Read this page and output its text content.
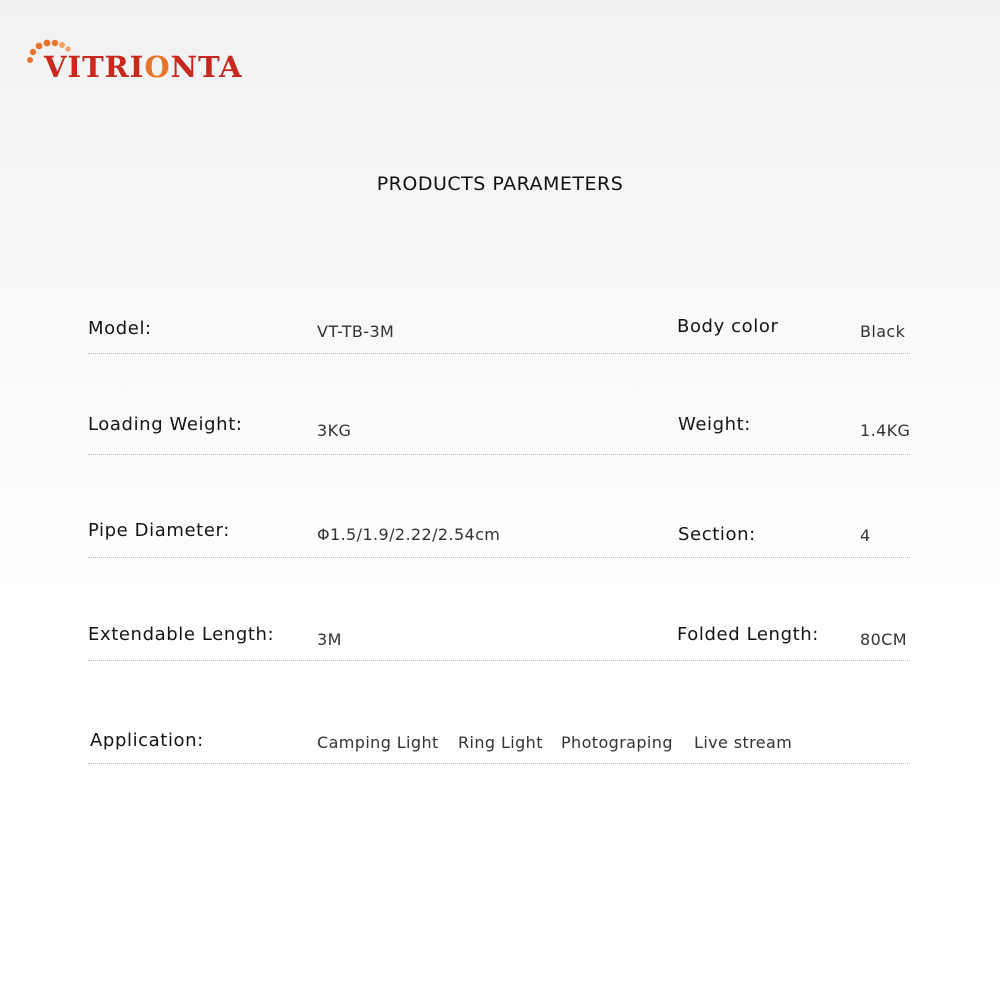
VITRIONTA
PRODUCTS PARAMETERS
Model:	VT-TB-3M	Body color	Black
Loading Weight:	3KG	Weight:	1.4KG
Pipe Diameter:	Φ1.5/1.9/2.22/2.54cm	Section:	4
Extendable Length:	3M	Folded Length:	80CM
Application:	Camping Light Ring Light Photograping Live stream
